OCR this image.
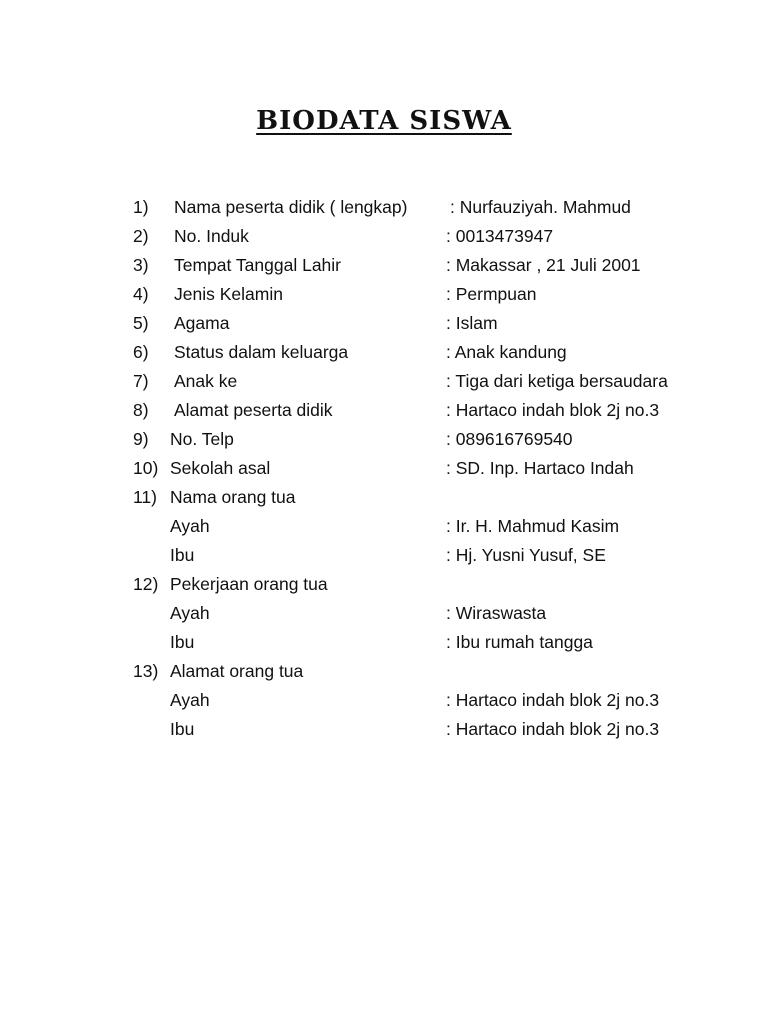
BIODATA SISWA
1) Nama peserta didik ( lengkap) : Nurfauziyah. Mahmud
2) No. Induk	: 0013473947
3) Tempat Tanggal Lahir	: Makassar , 21 Juli 2001
4) Jenis Kelamin	: Permpuan
5) Agama	: Islam
6) Status dalam keluarga	: Anak kandung
7) Anak ke	: Tiga dari ketiga bersaudara
8) Alamat peserta didik	: Hartaco indah blok 2j no.3
9) No. Telp	: 089616769540
10) Sekolah asal	: SD. Inp. Hartaco Indah
11) Nama orang tua
Ayah	: Ir. H. Mahmud Kasim
Ibu	: Hj. Yusni Yusuf, SE
12) Pekerjaan orang tua
Ayah	: Wiraswasta
Ibu	: Ibu rumah tangga
13) Alamat orang tua
Ayah	: Hartaco indah blok 2j no.3
Ibu	: Hartaco indah blok 2j no.3
